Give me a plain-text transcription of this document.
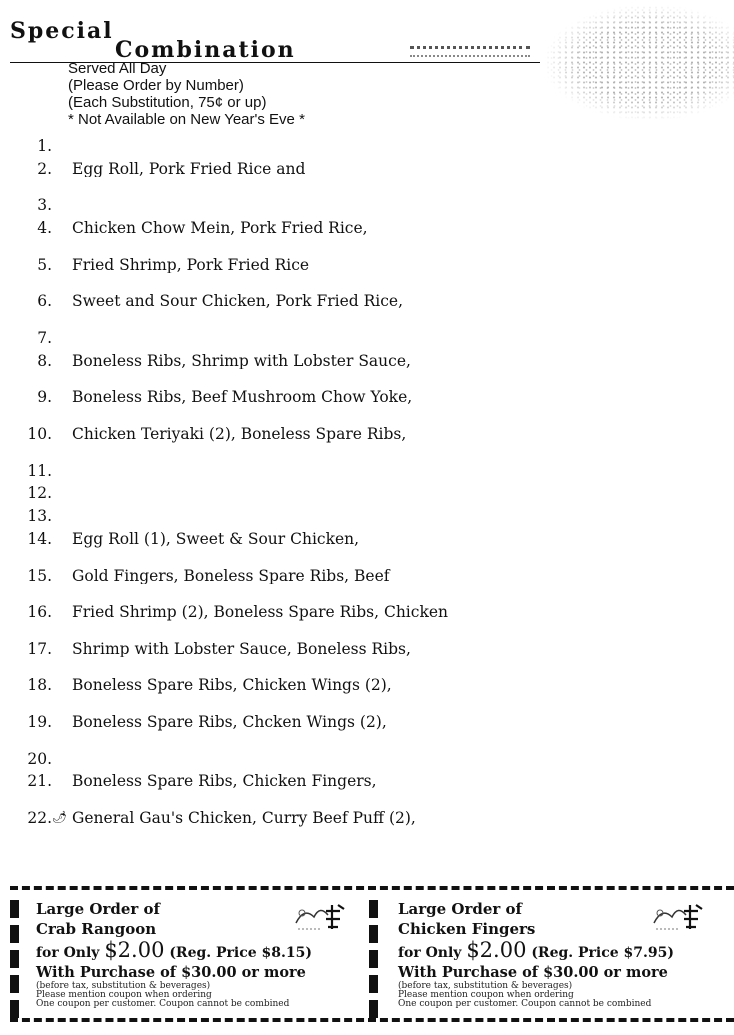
Special
Combination
Served All Day
(Please Order by Number)
(Each Substitution, 75¢ or up)
* Not Available on New Year's Eve *
1.
2. Egg Roll, Pork Fried Rice and
3.
4. Chicken Chow Mein, Pork Fried Rice,
5. Fried Shrimp, Pork Fried Rice
6. Sweet and Sour Chicken, Pork Fried Rice,
7.
8. Boneless Ribs, Shrimp with Lobster Sauce,
9. Boneless Ribs, Beef Mushroom Chow Yoke,
10. Chicken Teriyaki (2), Boneless Spare Ribs,
11.
12.
13.
14. Egg Roll (1), Sweet & Sour Chicken,
15. Gold Fingers, Boneless Spare Ribs, Beef
16. Fried Shrimp (2), Boneless Spare Ribs, Chicken
17. Shrimp with Lobster Sauce, Boneless Ribs,
18. Boneless Spare Ribs, Chicken Wings (2),
19. Boneless Spare Ribs, Chcken Wings (2),
20.
21. Boneless Spare Ribs, Chicken Fingers,
22. 🌶 General Gau's Chicken, Curry Beef Puff (2),
Large Order of
Crab Rangoon
for Only $2.00 (Reg. Price $8.15)
With Purchase of $30.00 or more
(before tax, substitution & beverages)
Please mention coupon when ordering
One coupon per customer. Coupon cannot be combined
Large Order of
Chicken Fingers
for Only $2.00 (Reg. Price $7.95)
With Purchase of $30.00 or more
(before tax, substitution & beverages)
Please mention coupon when ordering
One coupon per customer. Coupon cannot be combined
